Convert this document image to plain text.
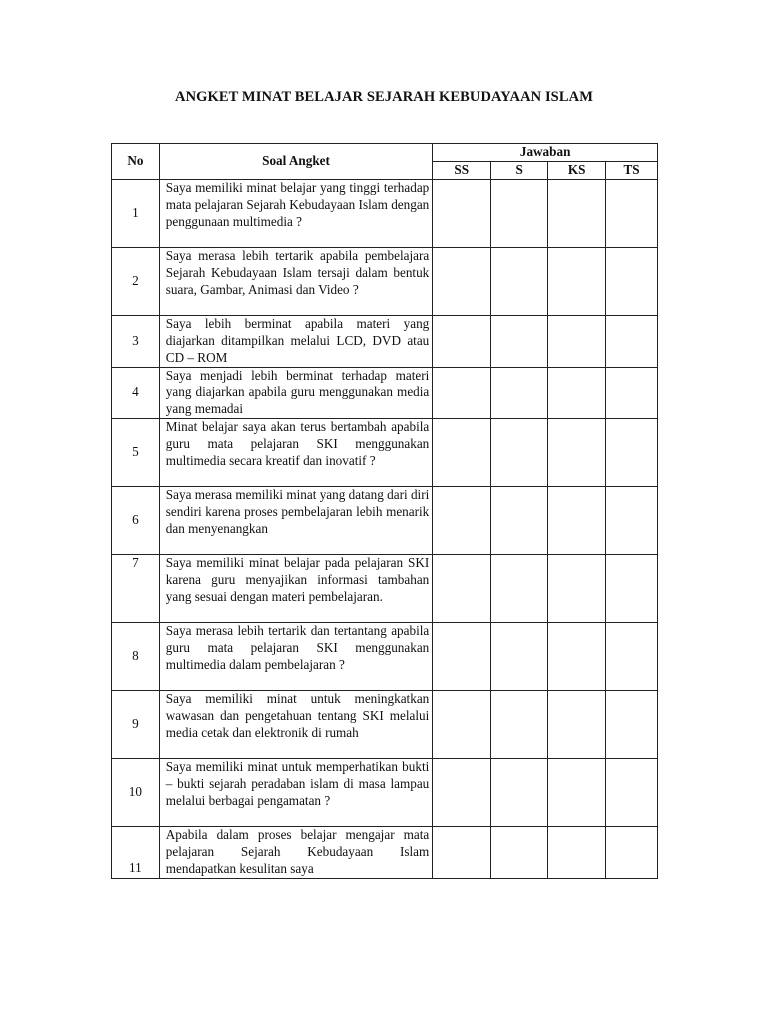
ANGKET MINAT BELAJAR SEJARAH KEBUDAYAAN ISLAM
No	Soal Angket	Jawaban			
		SS	S	KS	TS
1	Saya memiliki minat belajar yang tinggi terhadap mata pelajaran Sejarah Kebudayaan Islam dengan penggunaan multimedia ?				
2	Saya merasa lebih tertarik apabila pembelajara Sejarah Kebudayaan Islam tersaji dalam bentuk suara, Gambar, Animasi dan Video ?				
3	Saya lebih berminat apabila materi yang diajarkan ditampilkan melalui LCD, DVD atau CD – ROM				
4	Saya menjadi lebih berminat terhadap materi yang diajarkan apabila guru menggunakan media yang memadai				
5	Minat belajar saya akan terus bertambah apabila guru mata pelajaran SKI menggunakan multimedia secara kreatif dan inovatif ?				
6	Saya merasa memiliki minat yang datang dari diri sendiri karena proses pembelajaran lebih menarik dan menyenangkan				
7	Saya memiliki minat belajar pada pelajaran SKI karena guru menyajikan informasi tambahan yang sesuai dengan materi pembelajaran.				
8	Saya merasa lebih tertarik dan tertantang apabila guru mata pelajaran SKI menggunakan multimedia dalam pembelajaran ?				
9	Saya memiliki minat untuk meningkatkan wawasan dan pengetahuan tentang SKI melalui media cetak dan elektronik di rumah				
10	Saya memiliki minat untuk memperhatikan bukti – bukti sejarah peradaban islam di masa lampau melalui berbagai pengamatan ?				
11	Apabila dalam proses belajar mengajar mata pelajaran Sejarah Kebudayaan Islam mendapatkan kesulitan saya				
